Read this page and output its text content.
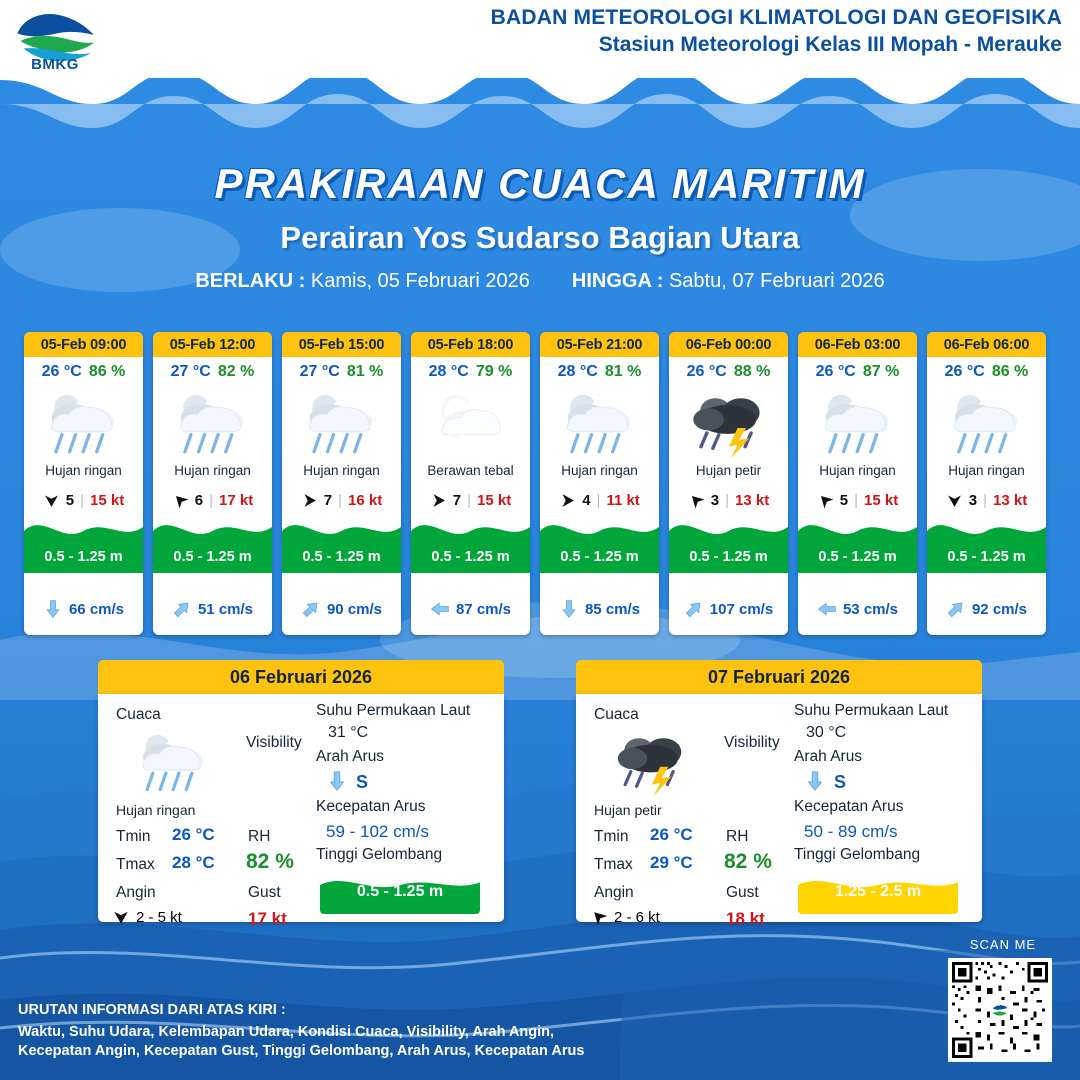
BMKG
BADAN METEOROLOGI KLIMATOLOGI DAN GEOFISIKA
Stasiun Meteorologi Kelas III Mopah - Merauke
PRAKIRAAN CUACA MARITIM
Perairan Yos Sudarso Bagian Utara
BERLAKU : Kamis, 05 Februari 2026 HINGGA : Sabtu, 07 Februari 2026
05-Feb 09:00
26 °C 86 %
Hujan ringan
5 | 15 kt
0.5 - 1.25 m
66 cm/s
05-Feb 12:00
27 °C 82 %
Hujan ringan
6 | 17 kt
0.5 - 1.25 m
51 cm/s
05-Feb 15:00
27 °C 81 %
Hujan ringan
7 | 16 kt
0.5 - 1.25 m
90 cm/s
05-Feb 18:00
28 °C 79 %
Berawan tebal
7 | 15 kt
0.5 - 1.25 m
87 cm/s
05-Feb 21:00
28 °C 81 %
Hujan ringan
4 | 11 kt
0.5 - 1.25 m
85 cm/s
06-Feb 00:00
26 °C 88 %
Hujan petir
3 | 13 kt
0.5 - 1.25 m
107 cm/s
06-Feb 03:00
26 °C 87 %
Hujan ringan
5 | 15 kt
0.5 - 1.25 m
53 cm/s
06-Feb 06:00
26 °C 86 %
Hujan ringan
3 | 13 kt
0.5 - 1.25 m
92 cm/s
06 Februari 2026
Cuaca
Hujan ringan
Tmin 26 °C
Tmax 28 °C
Angin
Visibility
RH
82 %
Gust
17 kt
Suhu Permukaan Laut
31 °C
Arah Arus
S
Kecepatan Arus
59 - 102 cm/s
Tinggi Gelombang
2 - 5 kt
0.5 - 1.25 m
07 Februari 2026
Cuaca
Hujan petir
Tmin 26 °C
Tmax 29 °C
Angin
Visibility
RH
82 %
Gust
18 kt
Suhu Permukaan Laut
30 °C
Arah Arus
S
Kecepatan Arus
50 - 89 cm/s
Tinggi Gelombang
2 - 6 kt
1.25 - 2.5 m
URUTAN INFORMASI DARI ATAS KIRI :
Waktu, Suhu Udara, Kelembapan Udara, Kondisi Cuaca, Visibility, Arah Angin,
Kecepatan Angin, Kecepatan Gust, Tinggi Gelombang, Arah Arus, Kecepatan Arus
SCAN ME
